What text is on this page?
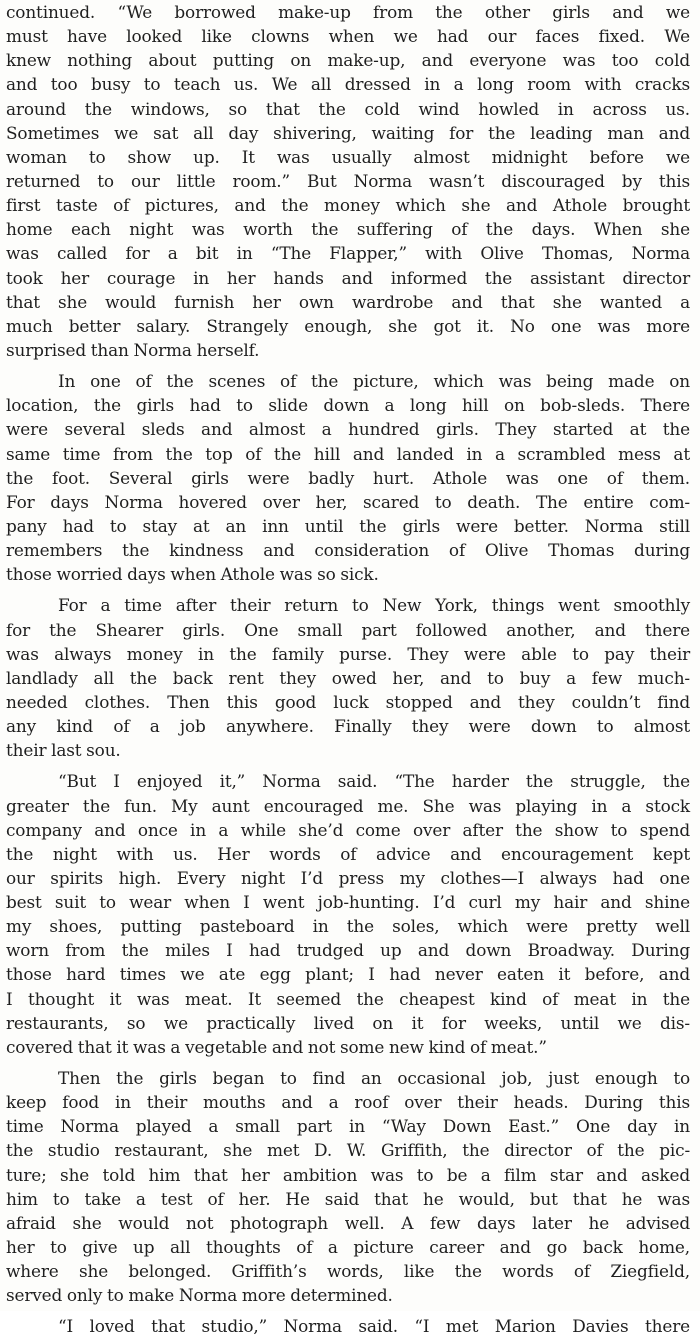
continued. “We borrowed make-up from the other girls and we
must have looked like clowns when we had our faces fixed. We
knew nothing about putting on make-up, and everyone was too cold
and too busy to teach us. We all dressed in a long room with cracks
around the windows, so that the cold wind howled in across us.
Sometimes we sat all day shivering, waiting for the leading man and
woman to show up. It was usually almost midnight before we
returned to our little room.” But Norma wasn’t discouraged by this
first taste of pictures, and the money which she and Athole brought
home each night was worth the suffering of the days. When she
was called for a bit in “The Flapper,” with Olive Thomas, Norma
took her courage in her hands and informed the assistant director
that she would furnish her own wardrobe and that she wanted a
much better salary. Strangely enough, she got it. No one was more
surprised than Norma herself.
In one of the scenes of the picture, which was being made on
location, the girls had to slide down a long hill on bob-sleds. There
were several sleds and almost a hundred girls. They started at the
same time from the top of the hill and landed in a scrambled mess at
the foot. Several girls were badly hurt. Athole was one of them.
For days Norma hovered over her, scared to death. The entire com-
pany had to stay at an inn until the girls were better. Norma still
remembers the kindness and consideration of Olive Thomas during
those worried days when Athole was so sick.
For a time after their return to New York, things went smoothly
for the Shearer girls. One small part followed another, and there
was always money in the family purse. They were able to pay their
landlady all the back rent they owed her, and to buy a few much-
needed clothes. Then this good luck stopped and they couldn’t find
any kind of a job anywhere. Finally they were down to almost
their last sou.
“But I enjoyed it,” Norma said. “The harder the struggle, the
greater the fun. My aunt encouraged me. She was playing in a stock
company and once in a while she’d come over after the show to spend
the night with us. Her words of advice and encouragement kept
our spirits high. Every night I’d press my clothes—I always had one
best suit to wear when I went job-hunting. I’d curl my hair and shine
my shoes, putting pasteboard in the soles, which were pretty well
worn from the miles I had trudged up and down Broadway. During
those hard times we ate egg plant; I had never eaten it before, and
I thought it was meat. It seemed the cheapest kind of meat in the
restaurants, so we practically lived on it for weeks, until we dis-
covered that it was a vegetable and not some new kind of meat.”
Then the girls began to find an occasional job, just enough to
keep food in their mouths and a roof over their heads. During this
time Norma played a small part in “Way Down East.” One day in
the studio restaurant, she met D. W. Griffith, the director of the pic-
ture; she told him that her ambition was to be a film star and asked
him to take a test of her. He said that he would, but that he was
afraid she would not photograph well. A few days later he advised
her to give up all thoughts of a picture career and go back home,
where she belonged. Griffith’s words, like the words of Ziegfield,
served only to make Norma more determined.
“I loved that studio,” Norma said. “I met Marion Davies there
